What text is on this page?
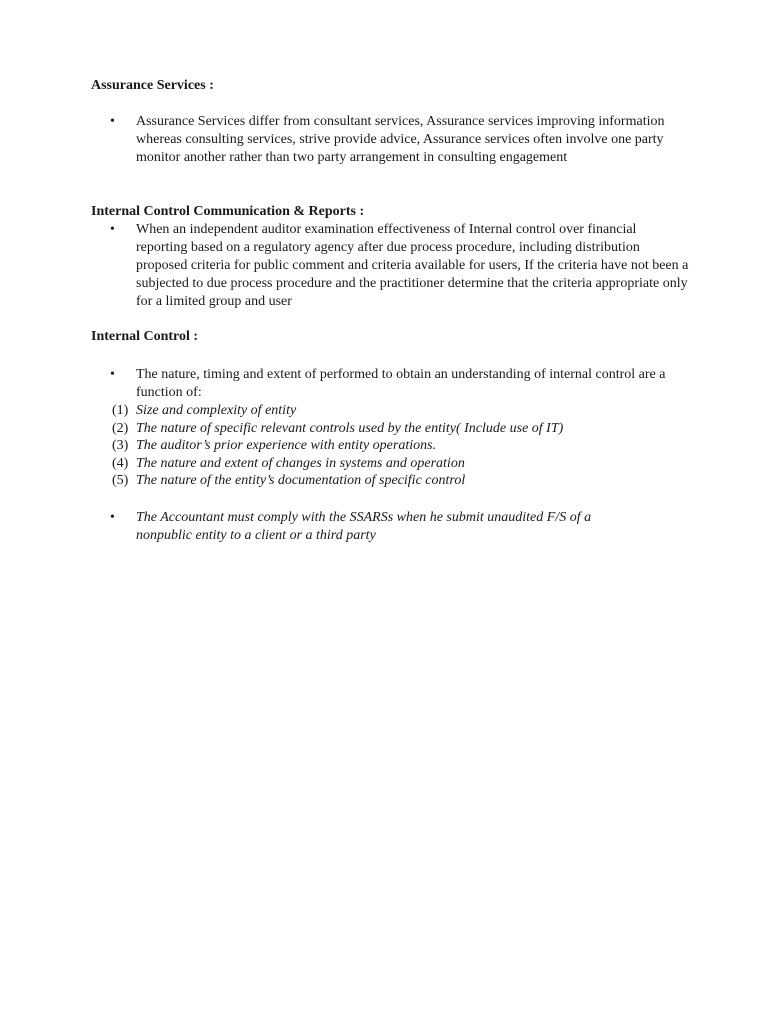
Assurance Services :
•	Assurance Services differ from consultant services, Assurance services improving information whereas consulting services, strive provide advice, Assurance services often involve one party monitor another rather than two party arrangement in consulting engagement
Internal Control Communication & Reports :
•	When an independent auditor examination effectiveness of Internal control over financial reporting based on a regulatory agency after due process procedure, including distribution proposed criteria for public comment and criteria available for users, If the criteria have not been a subjected to due process procedure and the practitioner determine that the criteria appropriate only for a limited group and user
Internal Control :
•	The nature, timing and extent of performed to obtain an understanding of internal control are a function of:
(1) Size and complexity of entity
(2) The nature of specific relevant controls used by the entity( Include use of IT)
(3) The auditor’s prior experience with entity operations.
(4) The nature and extent of changes in systems and operation
(5) The nature of the entity’s documentation of specific control
•	The Accountant must comply with the SSARSs when he submit unaudited F/S of a nonpublic entity to a client or a third party
